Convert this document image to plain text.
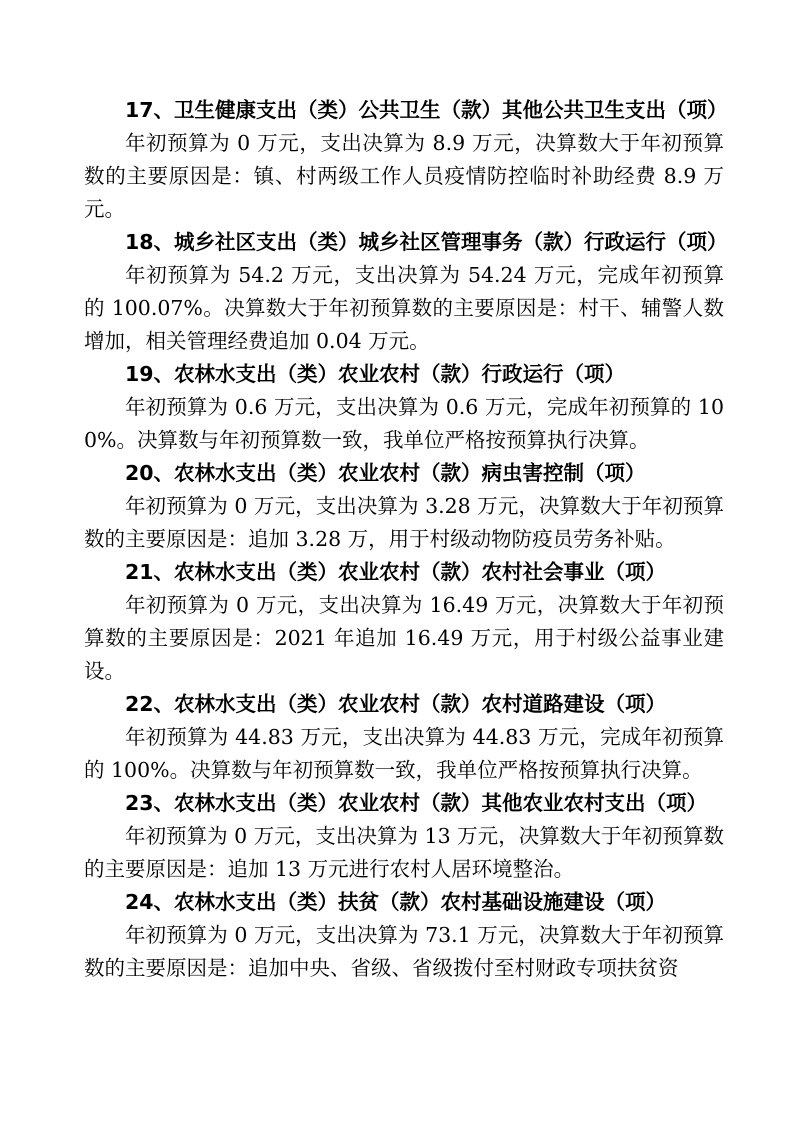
17、卫生健康支出（类）公共卫生（款）其他公共卫生支出（项）

年初预算为 0 万元，支出决算为 8.9 万元，决算数大于年初预算数的主要原因是：镇、村两级工作人员疫情防控临时补助经费 8.9 万元。

18、城乡社区支出（类）城乡社区管理事务（款）行政运行（项）

年初预算为 54.2 万元，支出决算为 54.24 万元，完成年初预算的 100.07%。决算数大于年初预算数的主要原因是：村干、辅警人数增加，相关管理经费追加 0.04 万元。

19、农林水支出（类）农业农村（款）行政运行（项）

年初预算为 0.6 万元，支出决算为 0.6 万元，完成年初预算的 100%。决算数与年初预算数一致，我单位严格按预算执行决算。

20、农林水支出（类）农业农村（款）病虫害控制（项）

年初预算为 0 万元，支出决算为 3.28 万元，决算数大于年初预算数的主要原因是：追加 3.28 万，用于村级动物防疫员劳务补贴。

21、农林水支出（类）农业农村（款）农村社会事业（项）

年初预算为 0 万元，支出决算为 16.49 万元，决算数大于年初预算数的主要原因是：2021 年追加 16.49 万元，用于村级公益事业建设。

22、农林水支出（类）农业农村（款）农村道路建设（项）

年初预算为 44.83 万元，支出决算为 44.83 万元，完成年初预算的 100%。决算数与年初预算数一致，我单位严格按预算执行决算。

23、农林水支出（类）农业农村（款）其他农业农村支出（项）

年初预算为 0 万元，支出决算为 13 万元，决算数大于年初预算数的主要原因是：追加 13 万元进行农村人居环境整治。

24、农林水支出（类）扶贫（款）农村基础设施建设（项）

年初预算为 0 万元，支出决算为 73.1 万元，决算数大于年初预算数的主要原因是：追加中央、省级、省级拨付至村财政专项扶贫资
